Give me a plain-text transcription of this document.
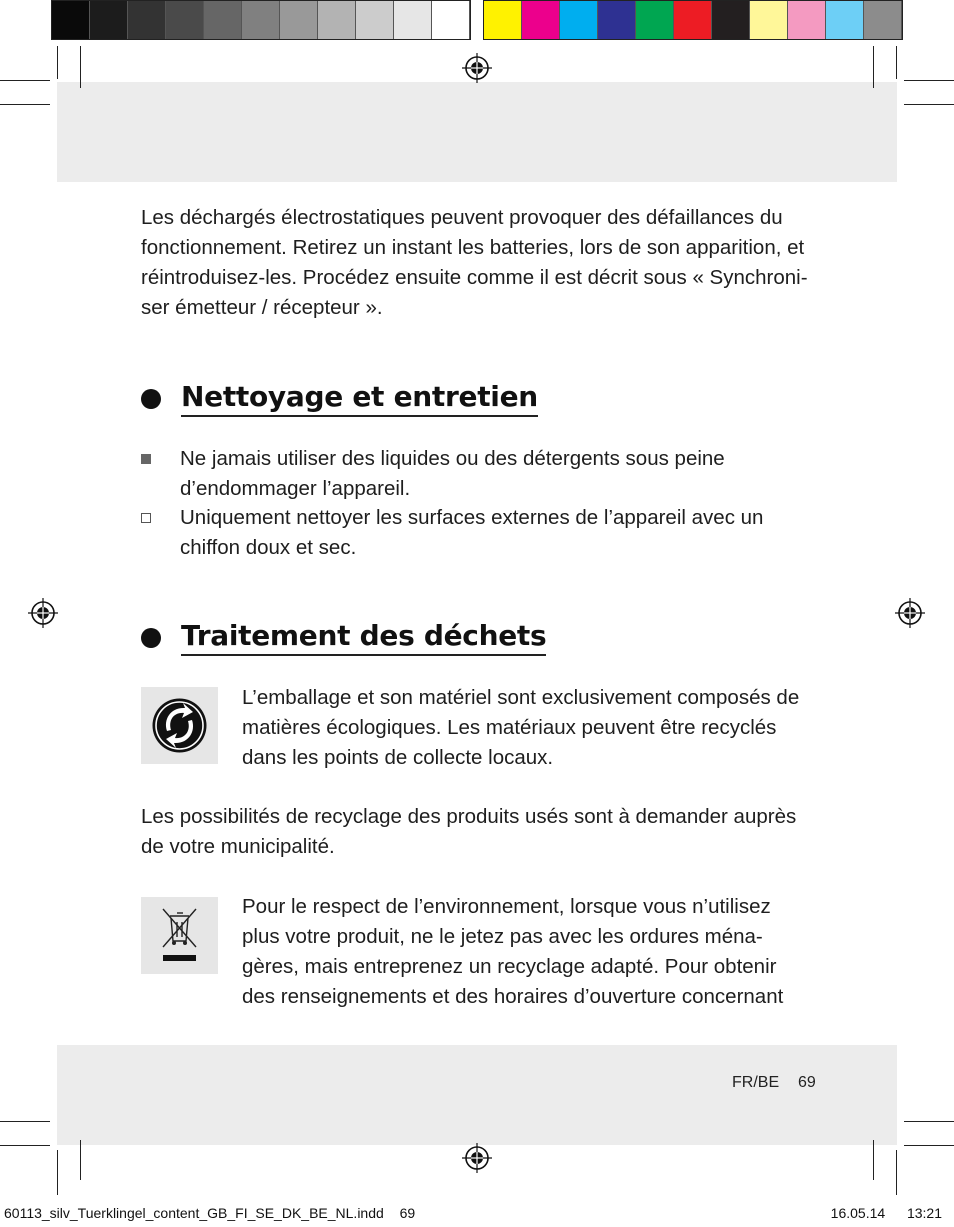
Les déchargés électrostatiques peuvent provoquer des défaillances du
fonctionnement. Retirez un instant les batteries, lors de son apparition, et
réintroduisez-les. Procédez ensuite comme il est décrit sous « Synchroni-
ser émetteur / récepteur ».

Nettoyage et entretien

Ne jamais utiliser des liquides ou des détergents sous peine
d’endommager l’appareil.

Uniquement nettoyer les surfaces externes de l’appareil avec un
chiffon doux et sec.

Traitement des déchets

L’emballage et son matériel sont exclusivement composés de
matières écologiques. Les matériaux peuvent être recyclés
dans les points de collecte locaux.

Les possibilités de recyclage des produits usés sont à demander auprès
de votre municipalité.

Pour le respect de l’environnement, lorsque vous n’utilisez
plus votre produit, ne le jetez pas avec les ordures ména-
gères, mais entreprenez un recyclage adapté. Pour obtenir
des renseignements et des horaires d’ouverture concernant

FR/BE 69
60113_silv_Tuerklingel_content_GB_FI_SE_DK_BE_NL.indd 69	16.05.14 13:21
